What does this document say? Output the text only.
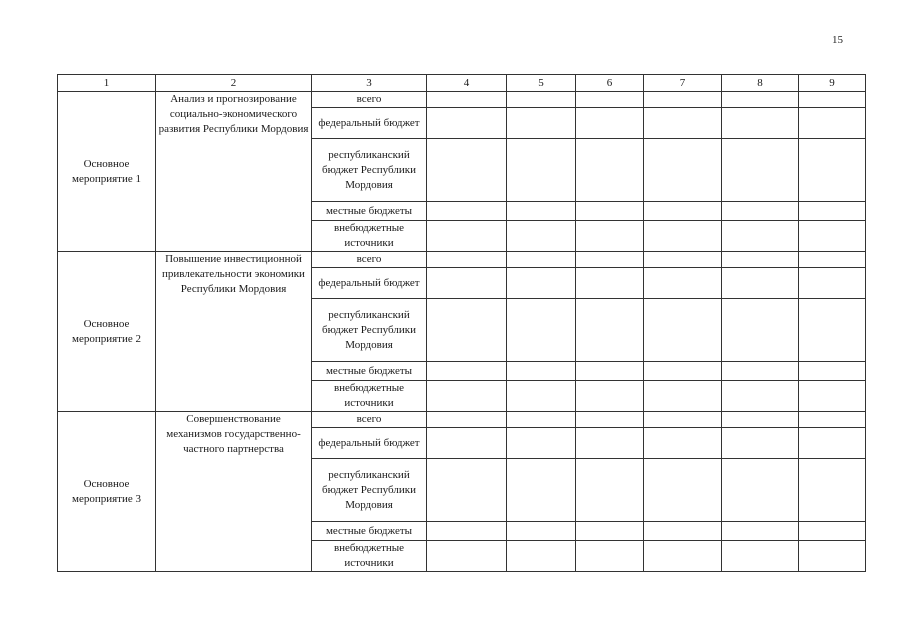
15
1	2	3	4	5	6	7	8	9
Основное мероприятие 1	Анализ и прогнозирование социально-экономического развития Республики Мордовия	всего						
		федеральный бюджет						
		республиканский бюджет Республики Мордовия						
		местные бюджеты						
		внебюджетные источники						
Основное мероприятие 2	Повышение инвестиционной привлекательности экономики Республики Мордовия	всего						
		федеральный бюджет						
		республиканский бюджет Республики Мордовия						
		местные бюджеты						
		внебюджетные источники						
Основное мероприятие 3	Совершенствование механизмов государственно-частного партнерства	всего						
		федеральный бюджет						
		республиканский бюджет Республики Мордовия						
		местные бюджеты						
		внебюджетные источники						
